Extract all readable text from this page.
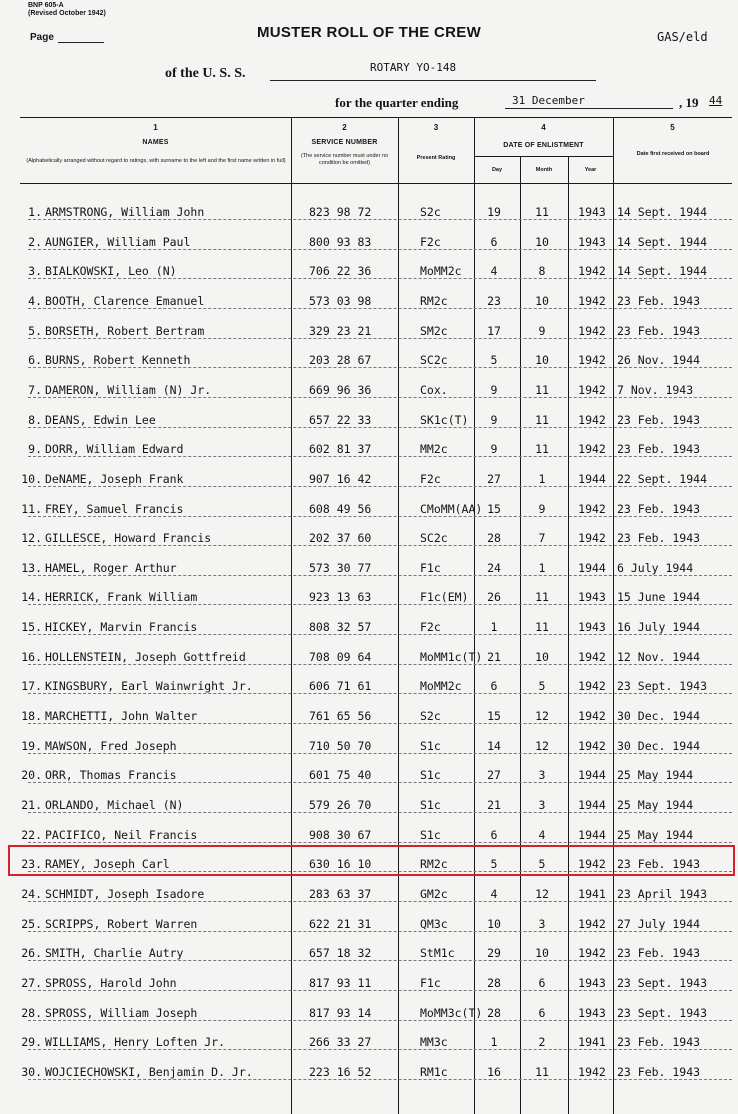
BNP 605-A
(Revised October 1942)
Page	MUSTER ROLL OF THE CREW	GAS/eld
of the U. S. S.	ROTARY YO-148
for the quarter ending	31 December	, 19 44
1
NAMES
(Alphabetically arranged without regard to ratings, with surname to the left and the first name written in full)
2
SERVICE NUMBER
(The service number must under no condition be omitted)
3
Present Rating
4
DATE OF ENLISTMENT
Day	Month	Year
5
Date first received on board
1. ARMSTRONG, William John	823 98 72	S2c	19	11	1943 14 Sept. 1944
2. AUNGIER, William Paul	800 93 83	F2c	6	10	1943 14 Sept. 1944
3. BIALKOWSKI, Leo (N)	706 22 36	MoMM2c	4	8	1942 14 Sept. 1944
4. BOOTH, Clarence Emanuel	573 03 98	RM2c	23	10	1942 23 Feb. 1943
5. BORSETH, Robert Bertram	329 23 21	SM2c	17	9	1942 23 Feb. 1943
6. BURNS, Robert Kenneth	203 28 67	SC2c	5	10	1942 26 Nov. 1944
7. DAMERON, William (N) Jr.	669 96 36	Cox.	9	11	1942 7 Nov. 1943
8. DEANS, Edwin Lee	657 22 33	SK1c(T)	9	11	1942 23 Feb. 1943
9. DORR, William Edward	602 81 37	MM2c	9	11	1942 23 Feb. 1943
10. DeNAME, Joseph Frank	907 16 42	F2c	27	1	1944 22 Sept. 1944
11. FREY, Samuel Francis	608 49 56	CMoMM(AA) 15	9	1942 23 Feb. 1943
12. GILLESCE, Howard Francis	202 37 60	SC2c	28	7	1942 23 Feb. 1943
13. HAMEL, Roger Arthur	573 30 77	F1c	24	1	1944 6 July 1944
14. HERRICK, Frank William	923 13 63	F1c(EM)	26	11	1943 15 June 1944
15. HICKEY, Marvin Francis	808 32 57	F2c	1	11	1943 16 July 1944
16. HOLLENSTEIN, Joseph Gottfreid	708 09 64	MoMM1c(T) 21	10	1942 12 Nov. 1944
17. KINGSBURY, Earl Wainwright Jr.	606 71 61	MoMM2c	6	5	1942 23 Sept. 1943
18. MARCHETTI, John Walter	761 65 56	S2c	15	12	1942 30 Dec. 1944
19. MAWSON, Fred Joseph	710 50 70	S1c	14	12	1942 30 Dec. 1944
20. ORR, Thomas Francis	601 75 40	S1c	27	3	1944 25 May 1944
21. ORLANDO, Michael (N)	579 26 70	S1c	21	3	1944 25 May 1944
22. PACIFICO, Neil Francis	908 30 67	S1c	6	4	1944 25 May 1944
23. RAMEY, Joseph Carl	630 16 10	RM2c	5	5	1942 23 Feb. 1943
24. SCHMIDT, Joseph Isadore	283 63 37	GM2c	4	12	1941 23 April 1943
25. SCRIPPS, Robert Warren	622 21 31	QM3c	10	3	1942 27 July 1944
26. SMITH, Charlie Autry	657 18 32	StM1c	29	10	1942 23 Feb. 1943
27. SPROSS, Harold John	817 93 11	F1c	28	6	1943 23 Sept. 1943
28. SPROSS, William Joseph	817 93 14	MoMM3c(T) 28	6	1943 23 Sept. 1943
29. WILLIAMS, Henry Loften Jr.	266 33 27	MM3c	1	2	1941 23 Feb. 1943
30. WOJCIECHOWSKI, Benjamin D. Jr.	223 16 52	RM1c	16	11	1942 23 Feb. 1943
